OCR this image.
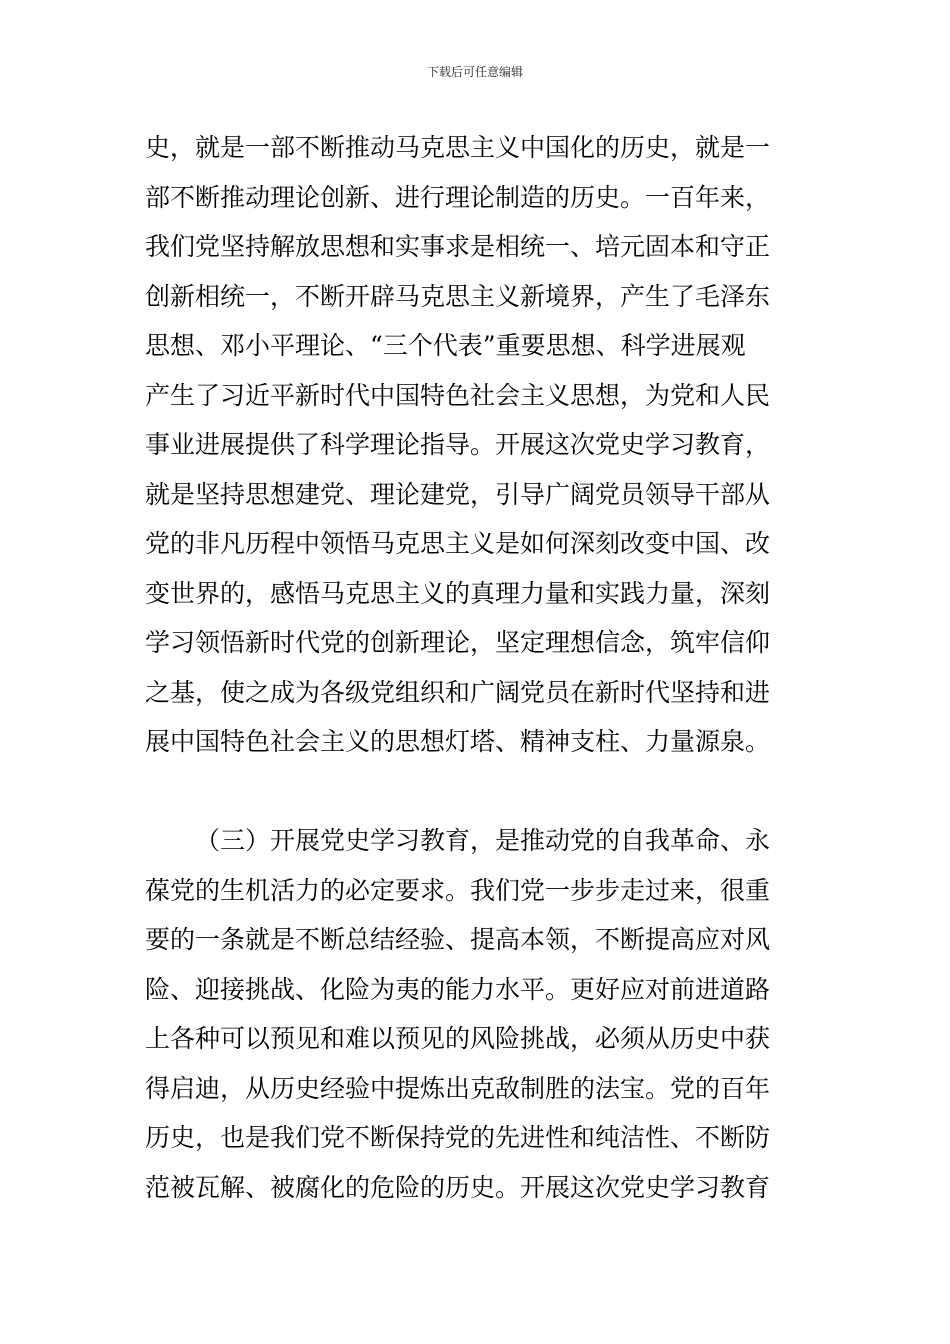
下载后可任意编辑
史，就是一部不断推动马克思主义中国化的历史，就是一
部不断推动理论创新、进行理论制造的历史。一百年来，
我们党坚持解放思想和实事求是相统一、培元固本和守正
创新相统一，不断开辟马克思主义新境界，产生了毛泽东
思想、邓小平理论、“三个代表”重要思想、科学进展观
产生了习近平新时代中国特色社会主义思想，为党和人民
事业进展提供了科学理论指导。开展这次党史学习教育，
就是坚持思想建党、理论建党，引导广阔党员领导干部从
党的非凡历程中领悟马克思主义是如何深刻改变中国、改
变世界的，感悟马克思主义的真理力量和实践力量，深刻
学习领悟新时代党的创新理论，坚定理想信念，筑牢信仰
之基，使之成为各级党组织和广阔党员在新时代坚持和进
展中国特色社会主义的思想灯塔、精神支柱、力量源泉。
（三）开展党史学习教育，是推动党的自我革命、永
葆党的生机活力的必定要求。我们党一步步走过来，很重
要的一条就是不断总结经验、提高本领，不断提高应对风
险、迎接挑战、化险为夷的能力水平。更好应对前进道路
上各种可以预见和难以预见的风险挑战，必须从历史中获
得启迪，从历史经验中提炼出克敌制胜的法宝。党的百年
历史，也是我们党不断保持党的先进性和纯洁性、不断防
范被瓦解、被腐化的危险的历史。开展这次党史学习教育
